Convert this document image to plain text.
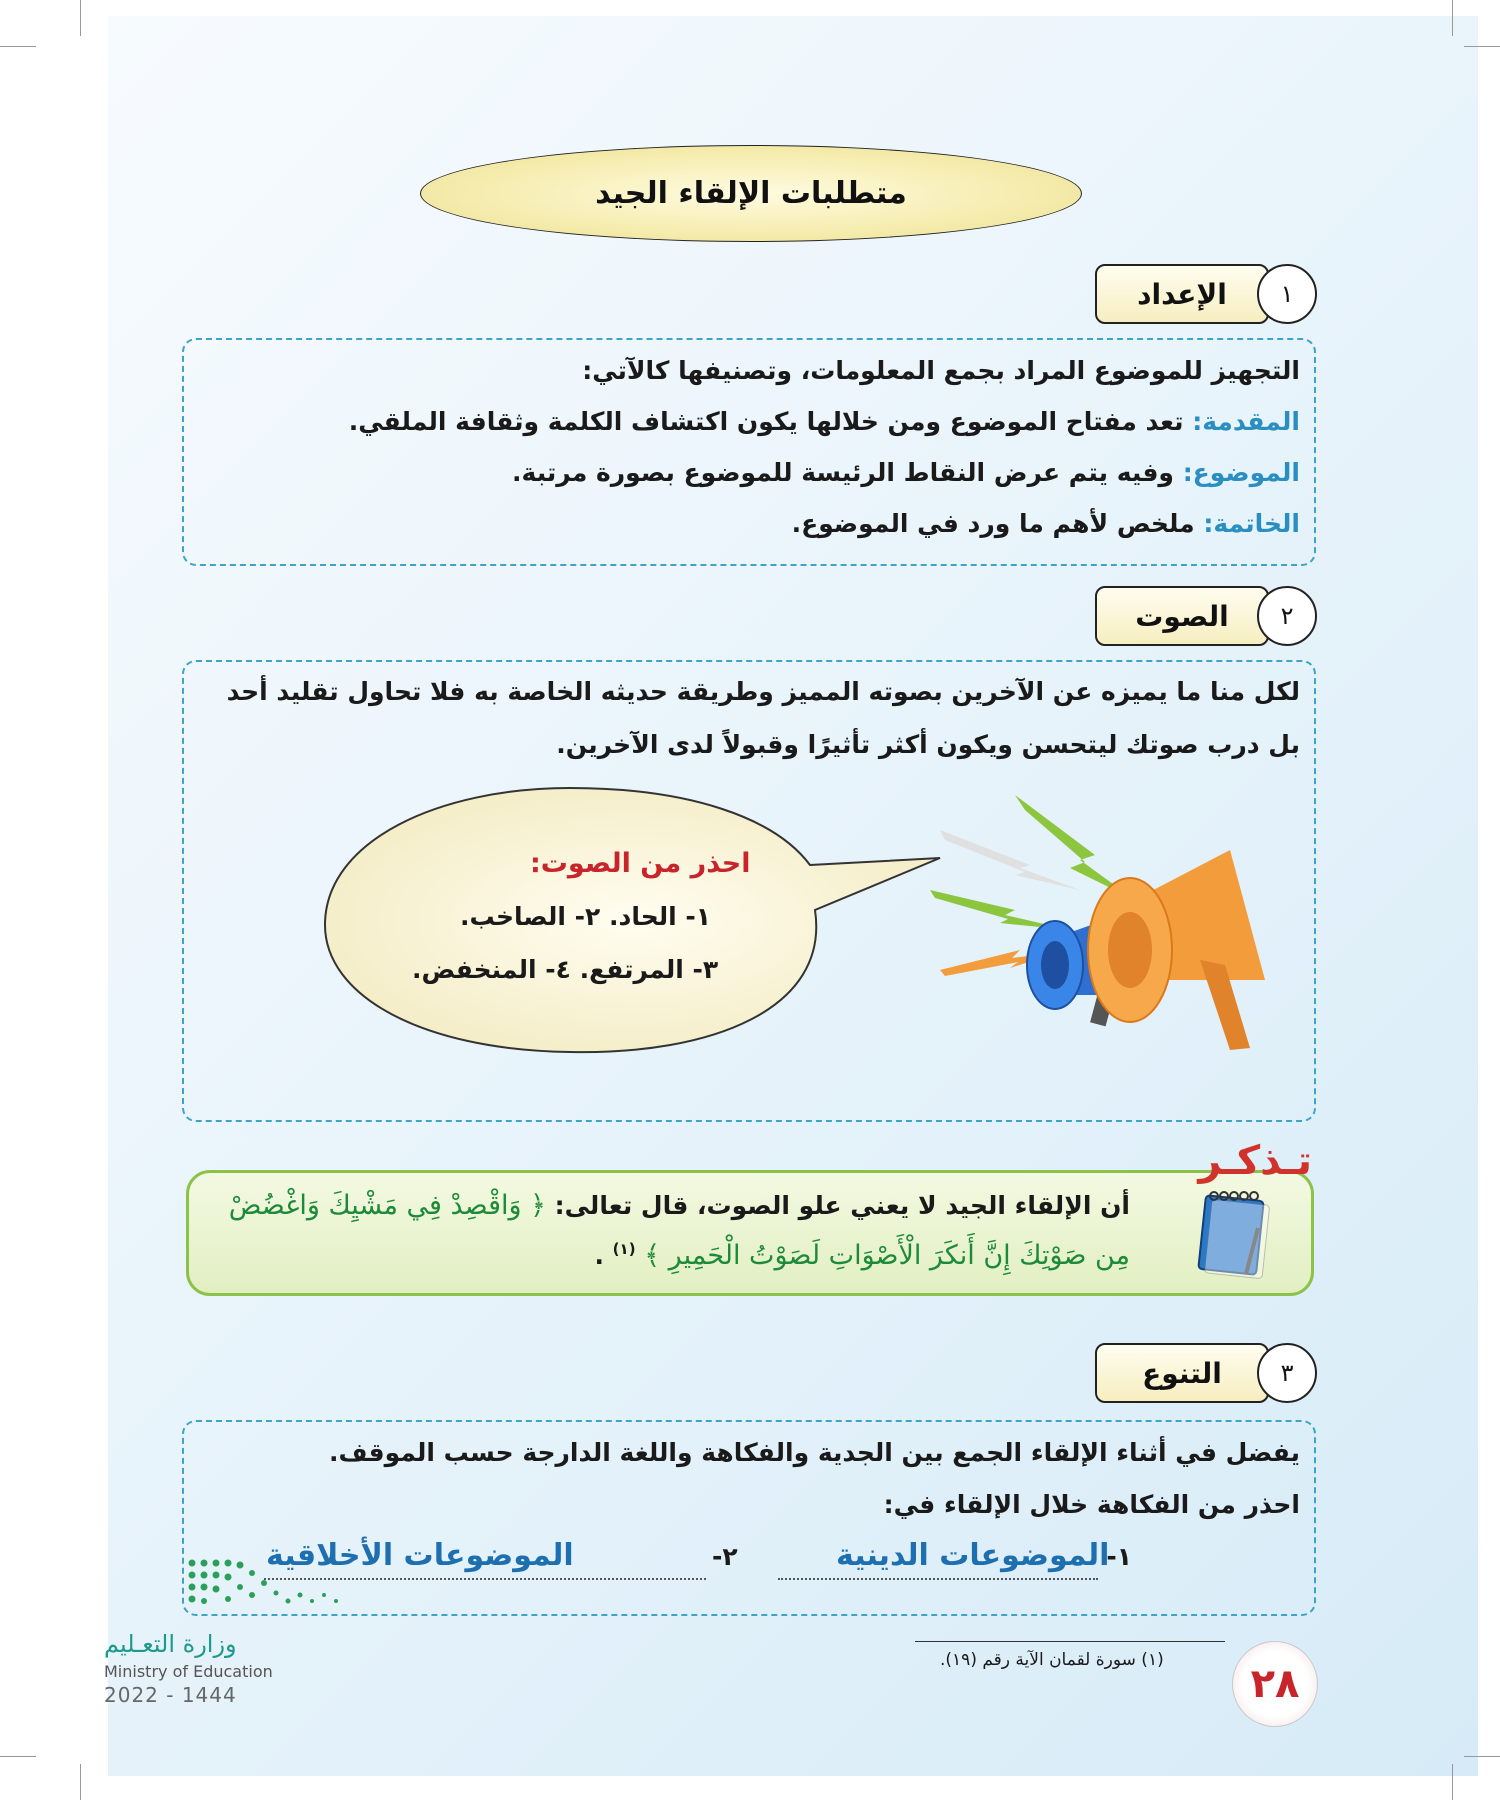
متطلبات الإلقاء الجيد
١
الإعداد
التجهيز للموضوع المراد بجمع المعلومات، وتصنيفها كالآتي:
المقدمة: تعد مفتاح الموضوع ومن خلالها يكون اكتشاف الكلمة وثقافة الملقي.
الموضوع: وفيه يتم عرض النقاط الرئيسة للموضوع بصورة مرتبة.
الخاتمة: ملخص لأهم ما ورد في الموضوع.
٢
الصوت
لكل منا ما يميزه عن الآخرين بصوته المميز وطريقة حديثه الخاصة به فلا تحاول تقليد أحد
بل درب صوتك ليتحسن ويكون أكثر تأثيرًا وقبولاً لدى الآخرين.
احذر من الصوت:
١- الحاد. ٢- الصاخب.
٣- المرتفع. ٤- المنخفض.
تـذكـر
أن الإلقاء الجيد لا يعني علو الصوت، قال تعالى: ﴿ وَاقْصِدْ فِي مَشْيِكَ وَاغْضُضْ
مِن صَوْتِكَ إِنَّ أَنكَرَ الْأَصْوَاتِ لَصَوْتُ الْحَمِيرِ ﴾ $^{(١)}$ .
٣
التنوع
يفضل في أثناء الإلقاء الجمع بين الجدية والفكاهة واللغة الدارجة حسب الموقف.
احذر من الفكاهة خلال الإلقاء في:
١-
الموضوعات الدينية
٢-
الموضوعات الأخلاقية
(١) سورة لقمان الآية رقم (١٩).
٢٨
وزارة التعـليم
Ministry of Education
2022 - 1444
